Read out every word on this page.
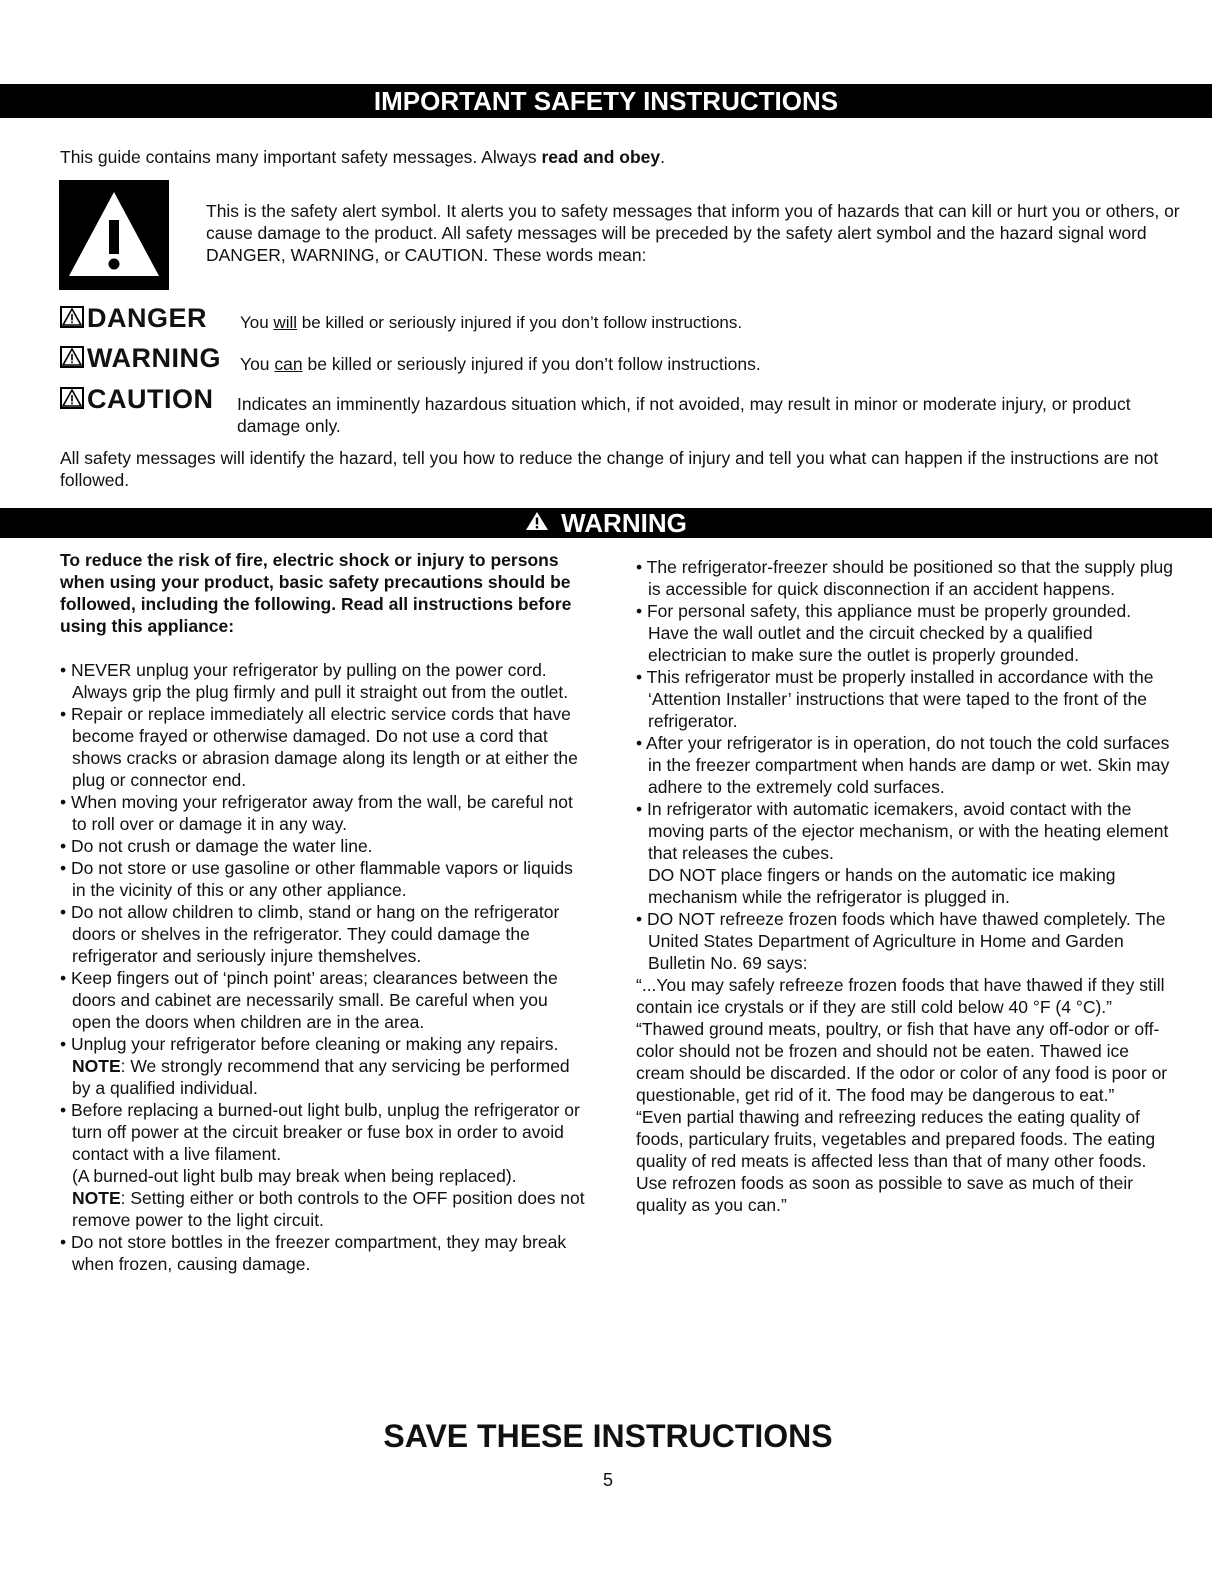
IMPORTANT SAFETY INSTRUCTIONS

This guide contains many important safety messages. Always read and obey.

This is the safety alert symbol. It alerts you to safety messages that inform you of hazards that can kill or hurt you or others, or cause damage to the product. All safety messages will be preceded by the safety alert symbol and the hazard signal word DANGER, WARNING, or CAUTION. These words mean:

DANGER You will be killed or seriously injured if you don’t follow instructions.
WARNING You can be killed or seriously injured if you don’t follow instructions.
CAUTION Indicates an imminently hazardous situation which, if not avoided, may result in minor or moderate injury, or product damage only.

All safety messages will identify the hazard, tell you how to reduce the change of injury and tell you what can happen if the instructions are not followed.

WARNING

To reduce the risk of fire, electric shock or injury to persons when using your product, basic safety precautions should be followed, including the following. Read all instructions before using this appliance:

• NEVER unplug your refrigerator by pulling on the power cord. Always grip the plug firmly and pull it straight out from the outlet.
• Repair or replace immediately all electric service cords that have become frayed or otherwise damaged. Do not use a cord that shows cracks or abrasion damage along its length or at either the plug or connector end.
• When moving your refrigerator away from the wall, be careful not to roll over or damage it in any way.
• Do not crush or damage the water line.
• Do not store or use gasoline or other flammable vapors or liquids in the vicinity of this or any other appliance.
• Do not allow children to climb, stand or hang on the refrigerator doors or shelves in the refrigerator. They could damage the refrigerator and seriously injure themshelves.
• Keep fingers out of ‘pinch point’ areas; clearances between the doors and cabinet are necessarily small. Be careful when you open the doors when children are in the area.
• Unplug your refrigerator before cleaning or making any repairs.
NOTE: We strongly recommend that any servicing be performed by a qualified individual.
• Before replacing a burned-out light bulb, unplug the refrigerator or turn off power at the circuit breaker or fuse box in order to avoid contact with a live filament.
(A burned-out light bulb may break when being replaced).
NOTE: Setting either or both controls to the OFF position does not remove power to the light circuit.
• Do not store bottles in the freezer compartment, they may break when frozen, causing damage.
• The refrigerator-freezer should be positioned so that the supply plug is accessible for quick disconnection if an accident happens.
• For personal safety, this appliance must be properly grounded. Have the wall outlet and the circuit checked by a qualified electrician to make sure the outlet is properly grounded.
• This refrigerator must be properly installed in accordance with the ‘Attention Installer’ instructions that were taped to the front of the refrigerator.
• After your refrigerator is in operation, do not touch the cold surfaces in the freezer compartment when hands are damp or wet. Skin may adhere to the extremely cold surfaces.
• In refrigerator with automatic icemakers, avoid contact with the moving parts of the ejector mechanism, or with the heating element that releases the cubes.
DO NOT place fingers or hands on the automatic ice making mechanism while the refrigerator is plugged in.
• DO NOT refreeze frozen foods which have thawed completely. The United States Department of Agriculture in Home and Garden Bulletin No. 69 says:

“...You may safely refreeze frozen foods that have thawed if they still contain ice crystals or if they are still cold below 40 °F (4 °C).”

“Thawed ground meats, poultry, or fish that have any off-odor or off-color should not be frozen and should not be eaten. Thawed ice cream should be discarded. If the odor or color of any food is poor or questionable, get rid of it. The food may be dangerous to eat.”

“Even partial thawing and refreezing reduces the eating quality of foods, particulary fruits, vegetables and prepared foods. The eating quality of red meats is affected less than that of many other foods. Use refrozen foods as soon as possible to save as much of their quality as you can.”

SAVE THESE INSTRUCTIONS
5
